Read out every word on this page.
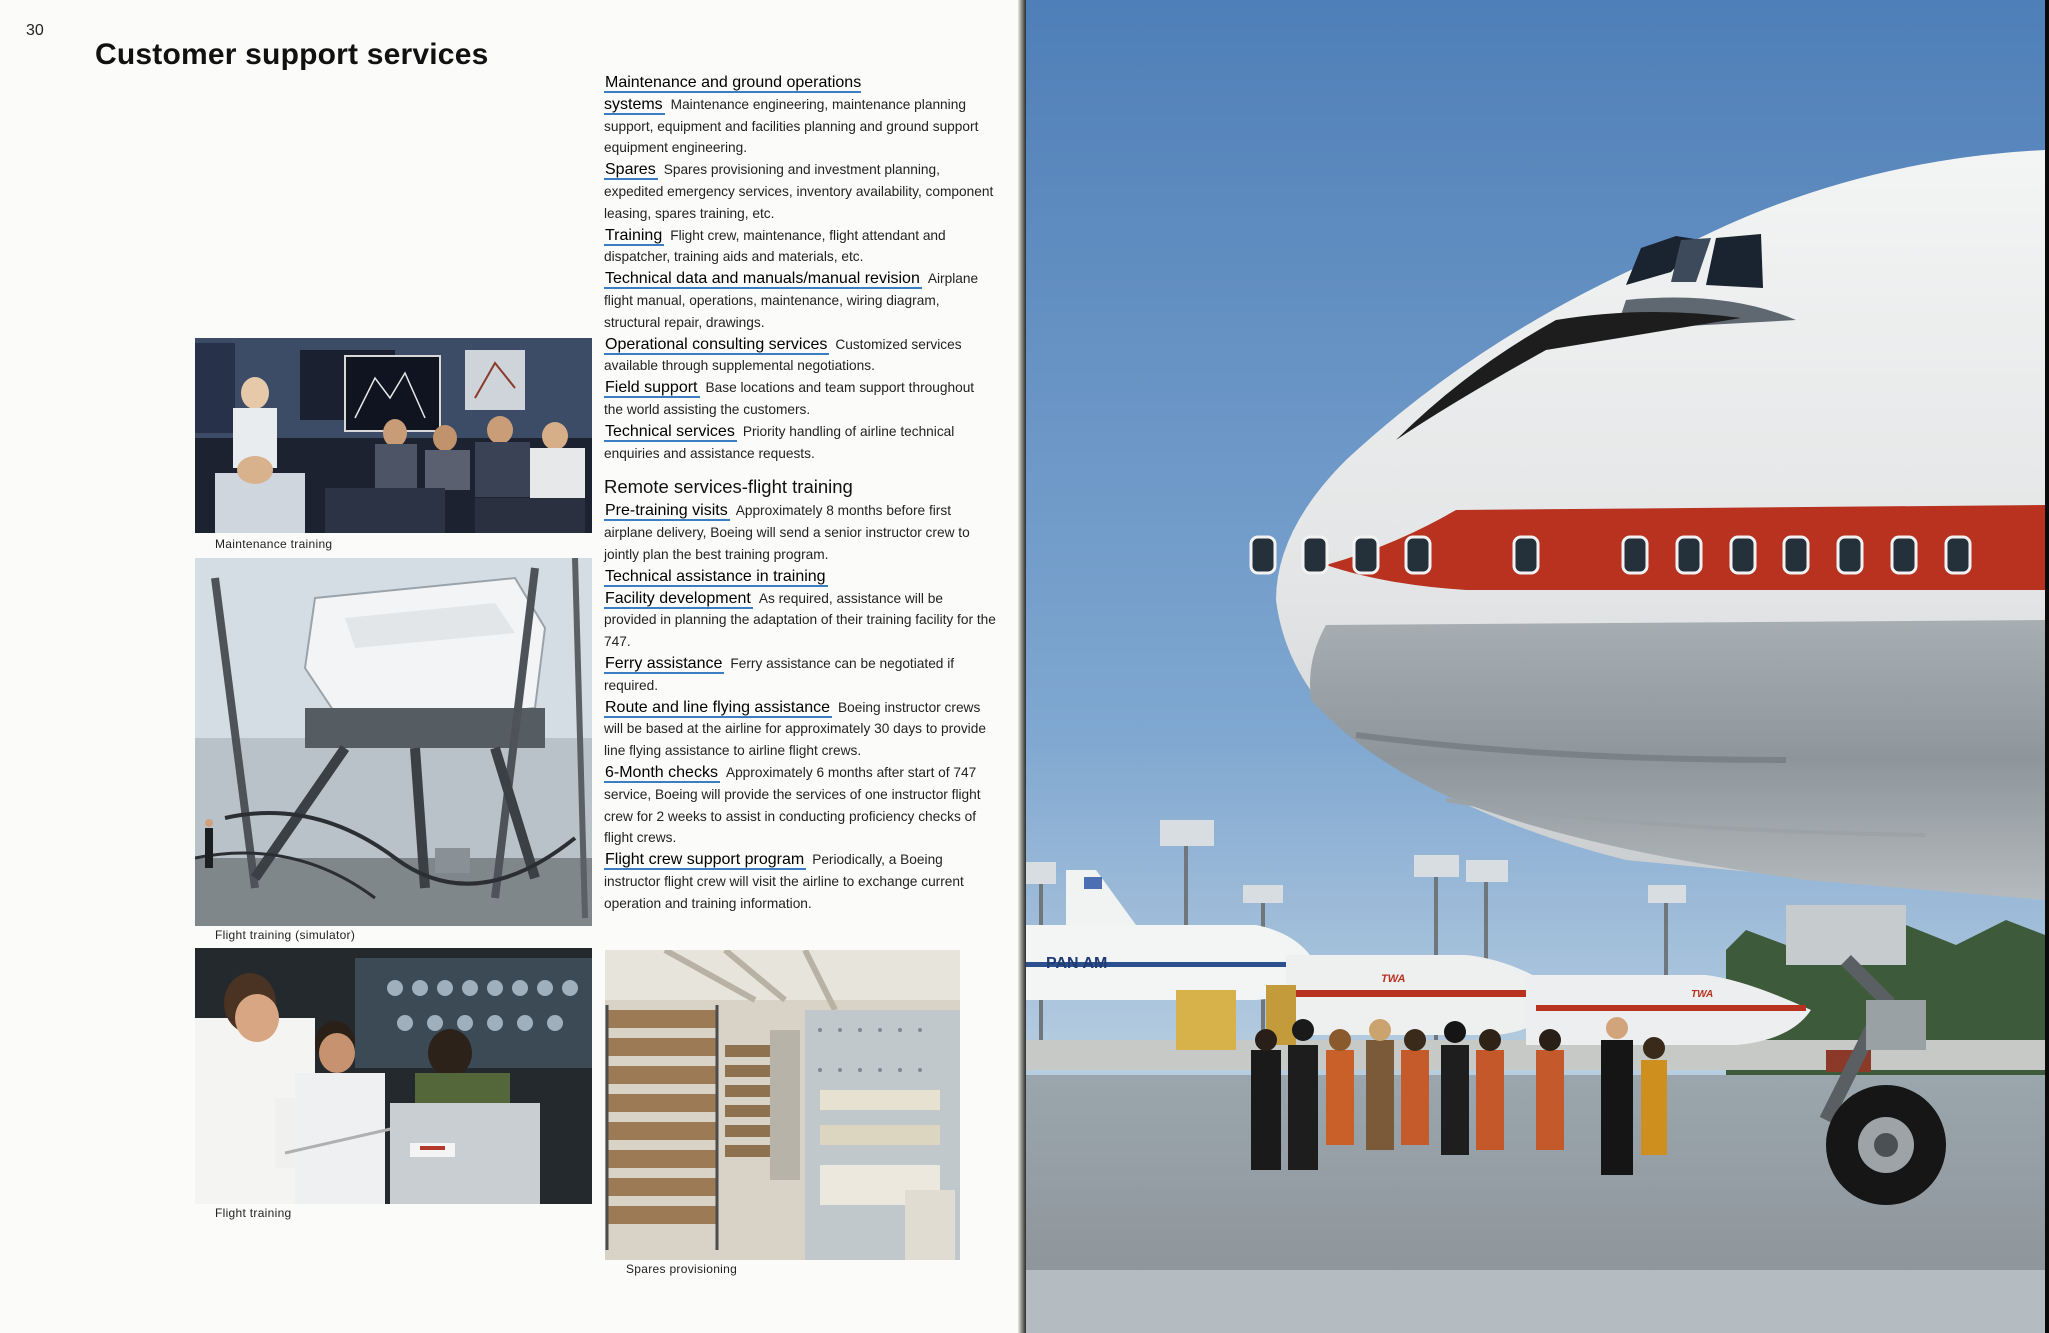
30
Customer support services
Maintenance and ground operations systems Maintenance engineering, maintenance planning support, equipment and facilities planning and ground support equipment engineering.
Spares Spares provisioning and investment planning, expedited emergency services, inventory availability, component leasing, spares training, etc.
Training Flight crew, maintenance, flight attendant and dispatcher, training aids and materials, etc.
Technical data and manuals/manual revision Airplane flight manual, operations, maintenance, wiring diagram, structural repair, drawings.
Operational consulting services Customized services available through supplemental negotiations.
Field support Base locations and team support throughout the world assisting the customers.
Technical services Priority handling of airline technical enquiries and assistance requests.
Remote services-flight training
Pre-training visits Approximately 8 months before first airplane delivery, Boeing will send a senior instructor crew to jointly plan the best training program.
Technical assistance in training
Facility development As required, assistance will be provided in planning the adaptation of their training facility for the 747.
Ferry assistance Ferry assistance can be negotiated if required.
Route and line flying assistance Boeing instructor crews will be based at the airline for approximately 30 days to provide line flying assistance to airline flight crews.
6-Month checks Approximately 6 months after start of 747 service, Boeing will provide the services of one instructor flight crew for 2 weeks to assist in conducting proficiency checks of flight crews.
Flight crew support program Periodically, a Boeing instructor flight crew will visit the airline to exchange current operation and training information.
Maintenance training
Flight training (simulator)
Flight training
Spares provisioning
PAN AM
TWA
TWA
